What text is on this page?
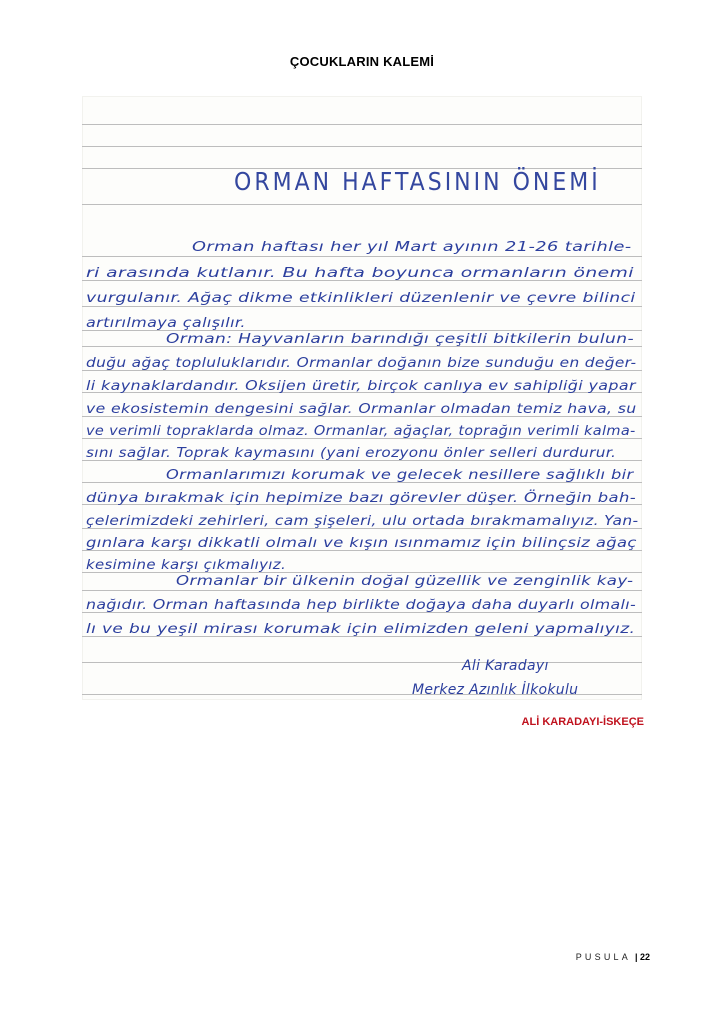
ÇOCUKLARIN KALEMİ
ORMAN HAFTASININ ÖNEMİ
Orman haftası her yıl Mart ayının 21-26 tarihle-
ri arasında kutlanır. Bu hafta boyunca ormanların önemi
vurgulanır. Ağaç dikme etkinlikleri düzenlenir ve çevre bilinci
artırılmaya çalışılır.
Orman: Hayvanların barındığı çeşitli bitkilerin bulun-
duğu ağaç topluluklarıdır. Ormanlar doğanın bize sunduğu en değer-
li kaynaklardandır. Oksijen üretir, birçok canlıya ev sahipliği yapar
ve ekosistemin dengesini sağlar. Ormanlar olmadan temiz hava, su
ve verimli topraklarda olmaz. Ormanlar, ağaçlar, toprağın verimli kalma-
sını sağlar. Toprak kaymasını (yani erozyonu önler selleri durdurur.
Ormanlarımızı korumak ve gelecek nesillere sağlıklı bir
dünya bırakmak için hepimize bazı görevler düşer. Örneğin bah-
çelerimizdeki zehirleri, cam şişeleri, ulu ortada bırakmamalıyız. Yan-
gınlara karşı dikkatli olmalı ve kışın ısınmamız için bilinçsiz ağaç
kesimine karşı çıkmalıyız.
Ormanlar bir ülkenin doğal güzellik ve zenginlik kay-
nağıdır. Orman haftasında hep birlikte doğaya daha duyarlı olmalı-
lı ve bu yeşil mirası korumak için elimizden geleni yapmalıyız.
Ali Karadayı
Merkez Azınlık İlkokulu
ALİ KARADAYI-İSKEÇE
PUSULA | 22
